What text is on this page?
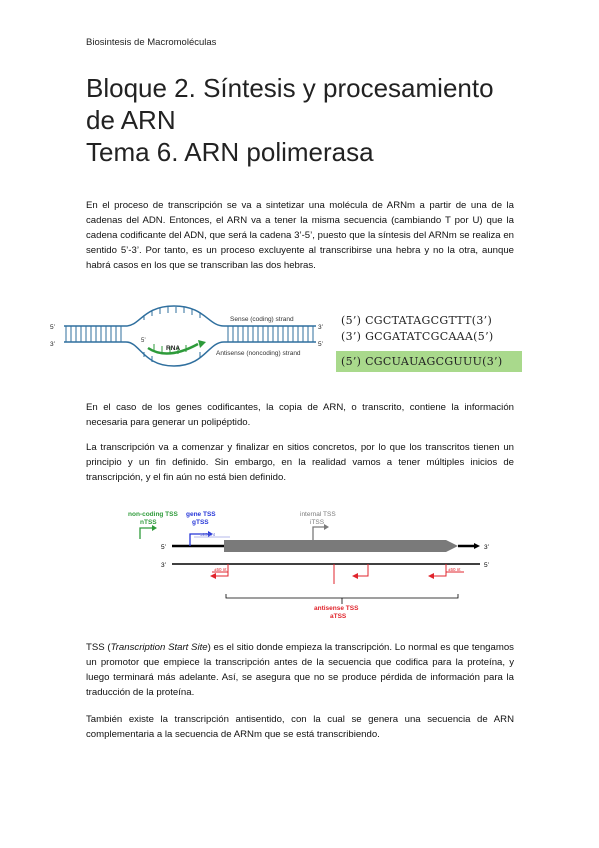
Biosintesis de Macromoléculas
Bloque 2. Síntesis y procesamiento de ARN
Tema 6. ARN polimerasa
En el proceso de transcripción se va a sintetizar una molécula de ARNm a partir de una de la cadenas del ADN. Entonces, el ARN va a tener la misma secuencia (cambiando T por U) que la cadena codificante del ADN, que será la cadena 3’-5’, puesto que la síntesis del ARNm se realiza en sentido 5’-3’. Por tanto, es un proceso excluyente al transcribirse una hebra y no la otra, aunque habrá casos en los que se transcriban las dos hebras.
5’
RNA
5’
3’
3’
5’
Sense (coding) strand
Antisense (noncoding) strand
(5’) CGCTATAGCGTTT(3’)
(3’) GCGATATCGCAAA(5’)
(5’) CGCUAUAGCGUUU(3’)
En el caso de los genes codificantes, la copia de ARN, o transcrito, contiene la información necesaria para generar un polipéptido.
La transcripción va a comenzar y finalizar en sitios concretos, por lo que los transcritos tienen un principio y un fin definido. Sin embargo, en la realidad vamos a tener múltiples inicios de transcripción, y el fin aún no está bien definido.
non-coding TSS
nTSS
gene TSS
gTSS
internal TSS
iTSS
±250 nt
±50 nt	±50 nt
antisense TSS
aTSS
5’	3’
3’	5’
TSS (Transcription Start Site) es el sitio donde empieza la transcripción. Lo normal es que tengamos un promotor que empiece la transcripción antes de la secuencia que codifica para la proteína, y luego terminará más adelante. Así, se asegura que no se produce pérdida de información para la traducción de la proteína.
También existe la transcripción antisentido, con la cual se genera una secuencia de ARN complementaria a la secuencia de ARNm que se está transcribiendo.
